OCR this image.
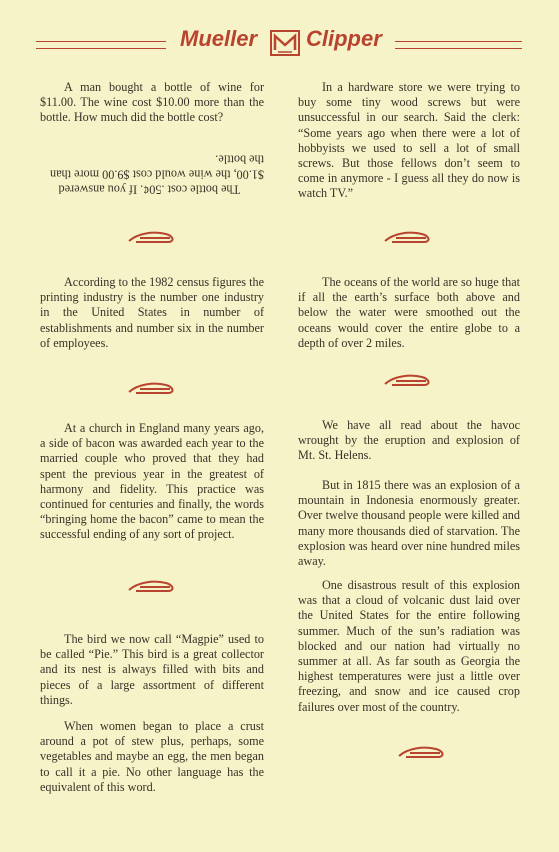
Mueller Clipper

A man bought a bottle of wine for $11.00. The wine cost $10.00 more than the bottle. How much did the bottle cost?

The bottle cost .50¢. If you answered $1.00, the wine would cost $9.00 more than the bottle.

According to the 1982 census figures the printing industry is the number one industry in the United States in number of establishments and number six in the number of employees.

At a church in England many years ago, a side of bacon was awarded each year to the married couple who proved that they had spent the previous year in the greatest of harmony and fidelity. This practice was continued for centuries and finally, the words “bringing home the bacon” came to mean the successful ending of any sort of project.

The bird we now call “Magpie” used to be called “Pie.” This bird is a great collector and its nest is always filled with bits and pieces of a large assortment of different things.

When women began to place a crust around a pot of stew plus, perhaps, some vegetables and maybe an egg, the men began to call it a pie. No other language has the equivalent of this word.

In a hardware store we were trying to buy some tiny wood screws but were unsuccessful in our search. Said the clerk: “Some years ago when there were a lot of hobbyists we used to sell a lot of small screws. But those fellows don’t seem to come in anymore - I guess all they do now is watch TV.”

The oceans of the world are so huge that if all the earth’s surface both above and below the water were smoothed out the oceans would cover the entire globe to a depth of over 2 miles.

We have all read about the havoc wrought by the eruption and explosion of Mt. St. Helens.

But in 1815 there was an explosion of a mountain in Indonesia enormously greater. Over twelve thousand people were killed and many more thousands died of starvation. The explosion was heard over nine hundred miles away.

One disastrous result of this explosion was that a cloud of volcanic dust laid over the United States for the entire following summer. Much of the sun’s radiation was blocked and our nation had virtually no summer at all. As far south as Georgia the highest temperatures were just a little over freezing, and snow and ice caused crop failures over most of the country.
